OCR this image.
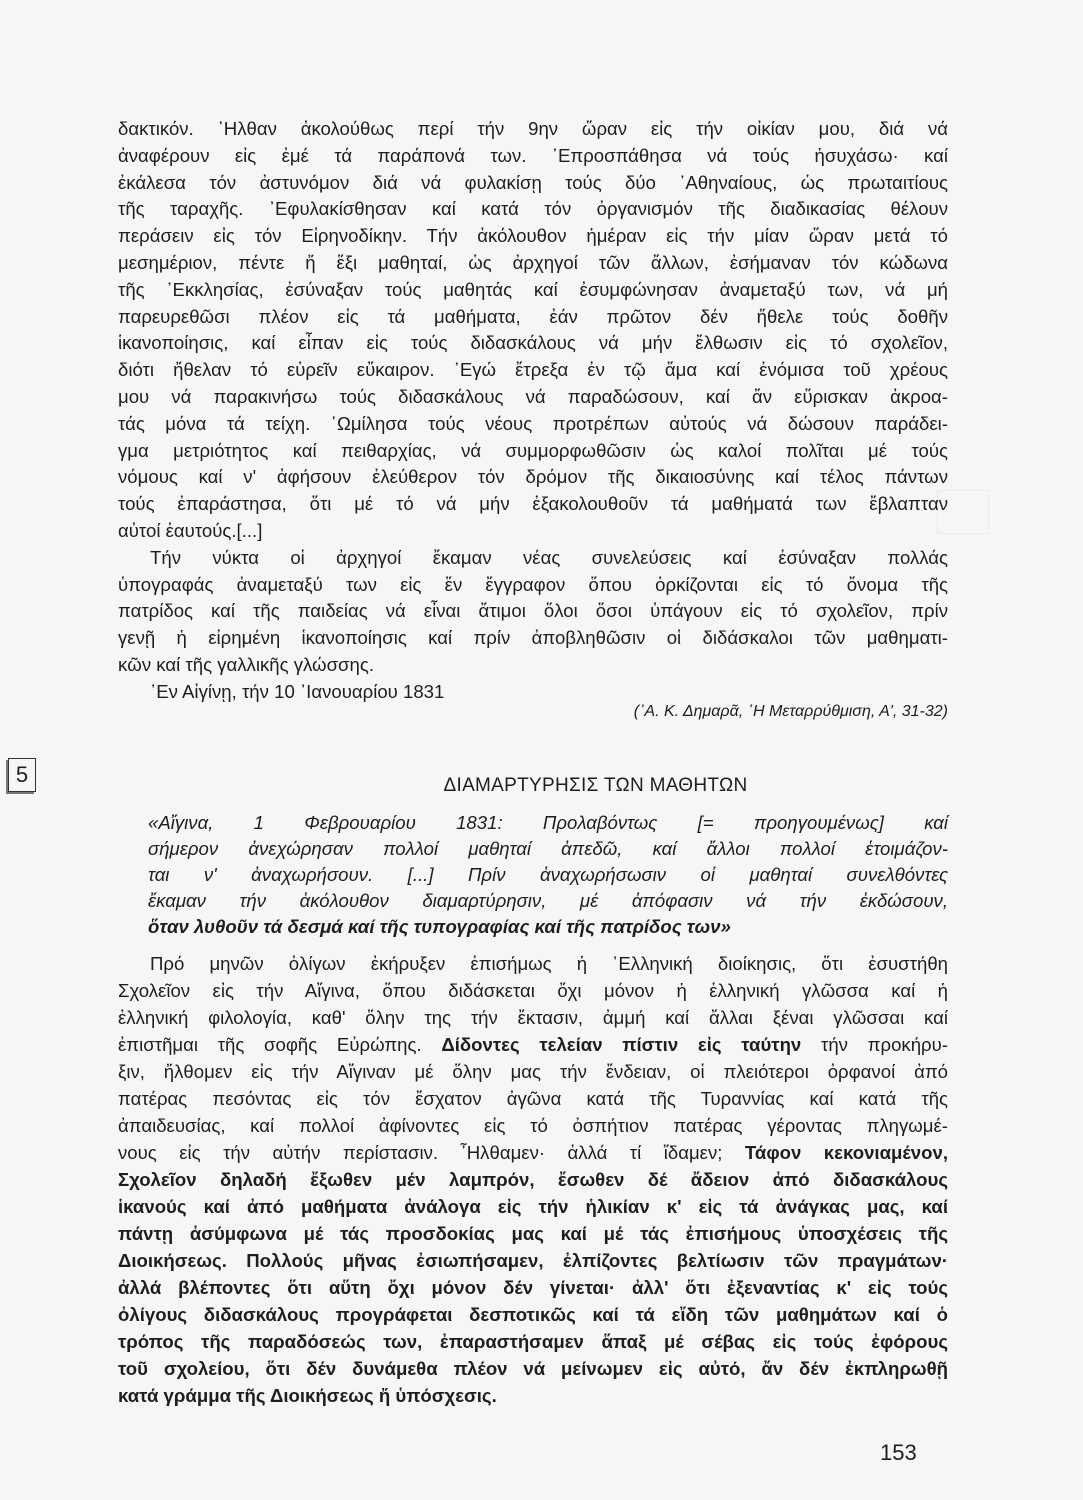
δακτικόν. ᾿Ηλθαν ἀκολούθως περί τήν 9ην ὥραν εἰς τήν οἰκίαν μου, διά νά
ἀναφέρουν εἰς ἐμέ τά παράπονά των. ᾿Επροσπάθησα νά τούς ἡσυχάσω· καί
ἐκάλεσα τόν ἀστυνόμον διά νά φυλακίσῃ τούς δύο ᾿Αθηναίους, ὡς πρωταιτίους
τῆς ταραχῆς. ᾿Εφυλακίσθησαν καί κατά τόν ὀργανισμόν τῆς διαδικασίας θέλουν
περάσειν εἰς τόν Εἰρηνοδίκην. Τήν ἀκόλουθον ἡμέραν εἰς τήν μίαν ὥραν μετά τό
μεσημέριον, πέντε ἤ ἕξι μαθηταί, ὡς ἀρχηγοί τῶν ἄλλων, ἐσήμαναν τόν κώδωνα
τῆς ᾿Εκκλησίας, ἐσύναξαν τούς μαθητάς καί ἐσυμφώνησαν ἀναμεταξύ των, νά μή
παρευρεθῶσι πλέον εἰς τά μαθήματα, ἐάν πρῶτον δέν ἤθελε τούς δοθῆν
ἱκανοποίησις, καί εἶπαν εἰς τούς διδασκάλους νά μήν ἔλθωσιν εἰς τό σχολεῖον,
διότι ἤθελαν τό εὑρεῖν εὔκαιρον. ᾿Εγώ ἔτρεξα ἐν τῷ ἅμα καί ἐνόμισα τοῦ χρέους
μου νά παρακινήσω τούς διδασκάλους νά παραδώσουν, καί ἄν εὕρισκαν ἀκροα-
τάς μόνα τά τείχη. ῾Ωμίλησα τούς νέους προτρέπων αὐτούς νά δώσουν παράδει-
γμα μετριότητος καί πειθαρχίας, νά συμμορφωθῶσιν ὡς καλοί πολῖται μέ τούς
νόμους καί ν' ἀφήσουν ἐλεύθερον τόν δρόμον τῆς δικαιοσύνης καί τέλος πάντων
τούς ἐπαράστησα, ὅτι μέ τό νά μήν ἐξακολουθοῦν τά μαθήματά των ἔβλαπταν
αὐτοί ἑαυτούς.[...]
Τήν νύκτα οἱ ἀρχηγοί ἔκαμαν νέας συνελεύσεις καί ἐσύναξαν πολλάς
ὑπογραφάς ἀναμεταξύ των εἰς ἕν ἔγγραφον ὅπου ὁρκίζονται εἰς τό ὄνομα τῆς
πατρίδος καί τῆς παιδείας νά εἶναι ἄτιμοι ὅλοι ὅσοι ὑπάγουν εἰς τό σχολεῖον, πρίν
γενῇ ἡ εἰρημένη ἱκανοποίησις καί πρίν ἀποβληθῶσιν οἱ διδάσκαλοι τῶν μαθηματι-
κῶν καί τῆς γαλλικῆς γλώσσης.
᾿Εν Αἰγίνῃ, τήν 10 ᾿Ιανουαρίου 1831
(᾿Α. Κ. Δημαρᾶ, ῾Η Μεταρρύθμιση, Α', 31-32)
5	ΔΙΑΜΑΡΤΥΡΗΣΙΣ ΤΩΝ ΜΑΘΗΤΩΝ
«Αἴγινα, 1 Φεβρουαρίου 1831: Προλαβόντως [= προηγουμένως] καί
σήμερον ἀνεχώρησαν πολλοί μαθηταί ἀπεδῶ, καί ἄλλοι πολλοί ἑτοιμάζον-
ται ν' ἀναχωρήσουν. [...] Πρίν ἀναχωρήσωσιν οἱ μαθηταί συνελθόντες
ἔκαμαν τήν ἀκόλουθον διαμαρτύρησιν, μέ ἀπόφασιν νά τήν ἐκδώσουν,
ὅταν λυθοῦν τά δεσμά καί τῆς τυπογραφίας καί τῆς πατρίδος των»
Πρό μηνῶν ὀλίγων ἐκήρυξεν ἐπισήμως ἡ ῾Ελληνική διοίκησις, ὅτι ἐσυστήθη
Σχολεῖον εἰς τήν Αἴγινα, ὅπου διδάσκεται ὄχι μόνον ἡ ἑλληνική γλῶσσα καί ἡ
ἑλληνική φιλολογία, καθ' ὅλην της τήν ἔκτασιν, ἀμμή καί ἄλλαι ξέναι γλῶσσαι καί
ἐπιστῆμαι τῆς σοφῆς Εὐρώπης. Δίδοντες τελείαν πίστιν εἰς ταύτην τήν προκήρυ-
ξιν, ἤλθομεν εἰς τήν Αἴγιναν μέ ὅλην μας τήν ἔνδειαν, οἱ πλειότεροι ὀρφανοί ἀπό
πατέρας πεσόντας εἰς τόν ἔσχατον ἀγῶνα κατά τῆς Τυραννίας καί κατά τῆς
ἀπαιδευσίας, καί πολλοί ἀφίνοντες εἰς τό ὀσπήτιον πατέρας γέροντας πληγωμέ-
νους εἰς τήν αὐτήν περίστασιν. ῏Ηλθαμεν· ἀλλά τί ἴδαμεν; Τάφον κεκονιαμένον,
Σχολεῖον δηλαδή ἔξωθεν μέν λαμπρόν, ἔσωθεν δέ ἄδειον ἀπό διδασκάλους
ἱκανούς καί ἀπό μαθήματα ἀνάλογα εἰς τήν ἡλικίαν κ' εἰς τά ἀνάγκας μας, καί
πάντῃ ἀσύμφωνα μέ τάς προσδοκίας μας καί μέ τάς ἐπισήμους ὑποσχέσεις τῆς
Διοικήσεως. Πολλούς μῆνας ἐσιωπήσαμεν, ἐλπίζοντες βελτίωσιν τῶν πραγμάτων·
ἀλλά βλέποντες ὅτι αὕτη ὄχι μόνον δέν γίνεται· ἀλλ' ὅτι ἐξεναντίας κ' εἰς τούς
ὀλίγους διδασκάλους προγράφεται δεσποτικῶς καί τά εἴδη τῶν μαθημάτων καί ὁ
τρόπος τῆς παραδόσεώς των, ἐπαραστήσαμεν ἅπαξ μέ σέβας εἰς τούς ἐφόρους
τοῦ σχολείου, ὅτι δέν δυνάμεθα πλέον νά μείνωμεν εἰς αὐτό, ἄν δέν ἐκπληρωθῇ
κατά γράμμα τῆς Διοικήσεως ἤ ὑπόσχεσις.
153
